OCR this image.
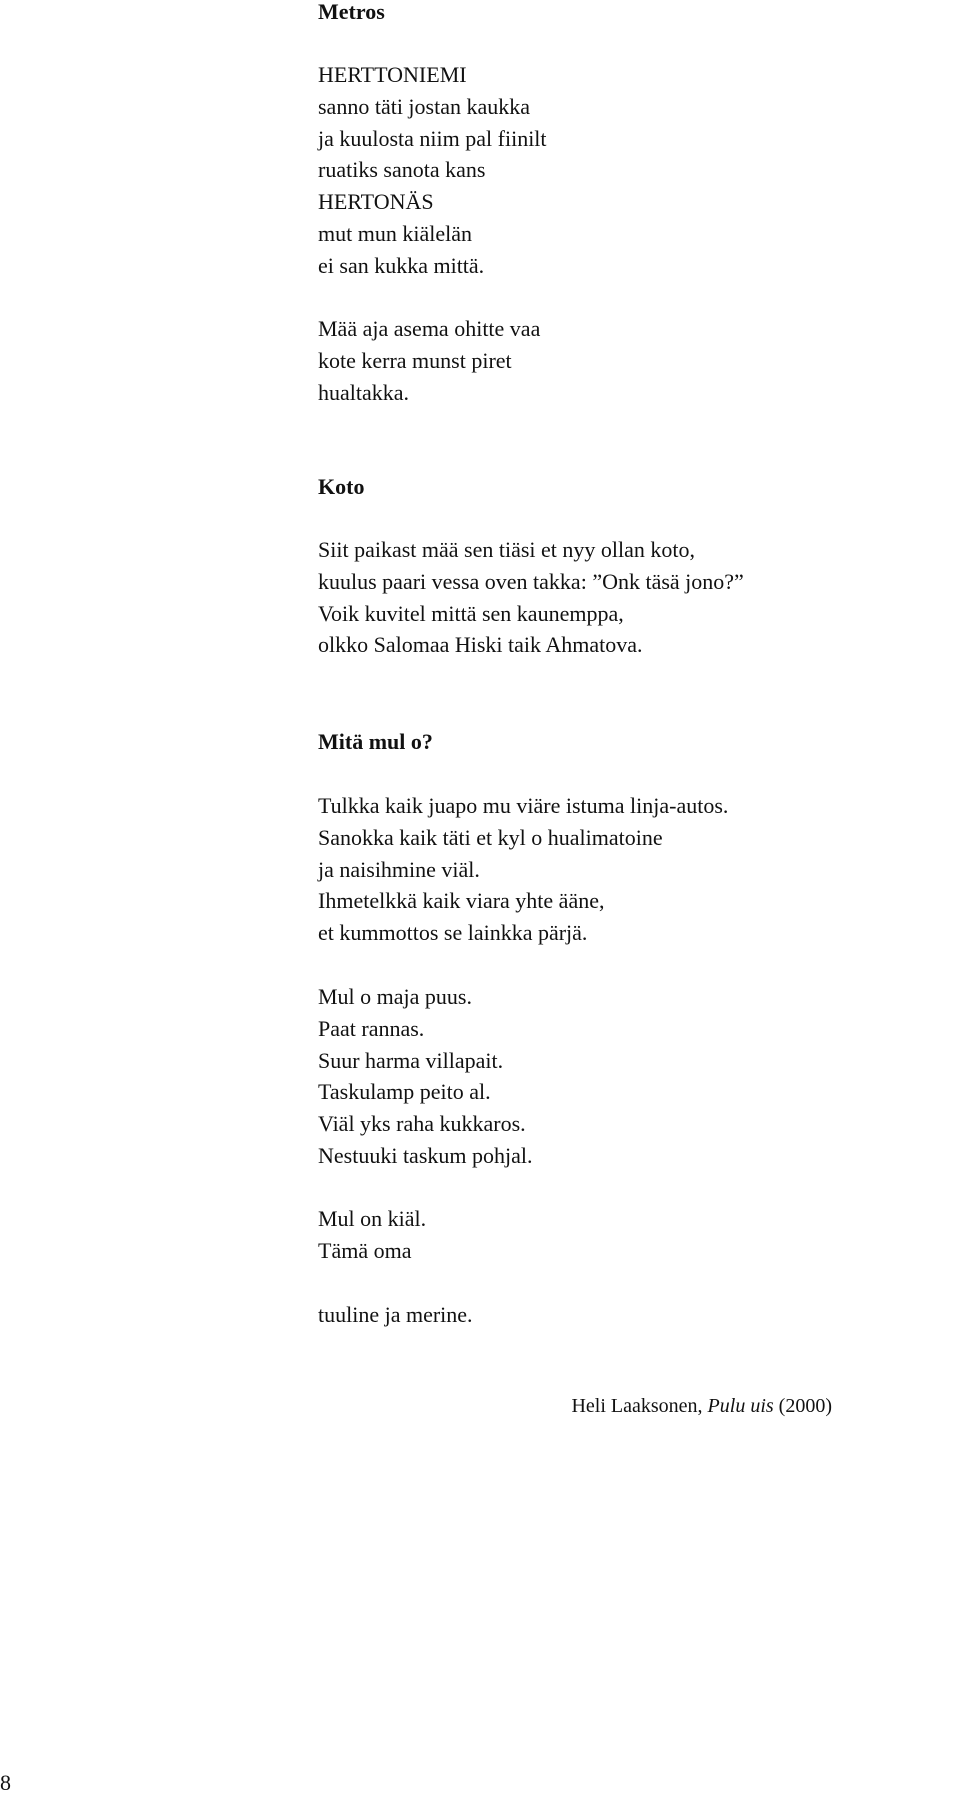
Metros
HERTTONIEMI
sanno täti jostan kaukka
ja kuulosta niim pal fiinilt
ruatiks sanota kans
HERTONÄS
mut mun kiälelän
ei san kukka mittä.
Mää aja asema ohitte vaa
kote kerra munst piret
hualtakka.
Koto
Siit paikast mää sen tiäsi et nyy ollan koto,
kuulus paari vessa oven takka: ”Onk täsä jono?”
Voik kuvitel mittä sen kaunemppa,
olkko Salomaa Hiski taik Ahmatova.
Mitä mul o?
Tulkka kaik juapo mu viäre istuma linja-autos.
Sanokka kaik täti et kyl o hualimatoine
ja naisihmine viäl.
Ihmetelkkä kaik viara yhte ääne,
et kummottos se lainkka pärjä.
Mul o maja puus.
Paat rannas.
Suur harma villapait.
Taskulamp peito al.
Viäl yks raha kukkaros.
Nestuuki taskum pohjal.
Mul on kiäl.
Tämä oma
tuuline ja merine.
Heli Laaksonen, Pulu uis (2000)
8
